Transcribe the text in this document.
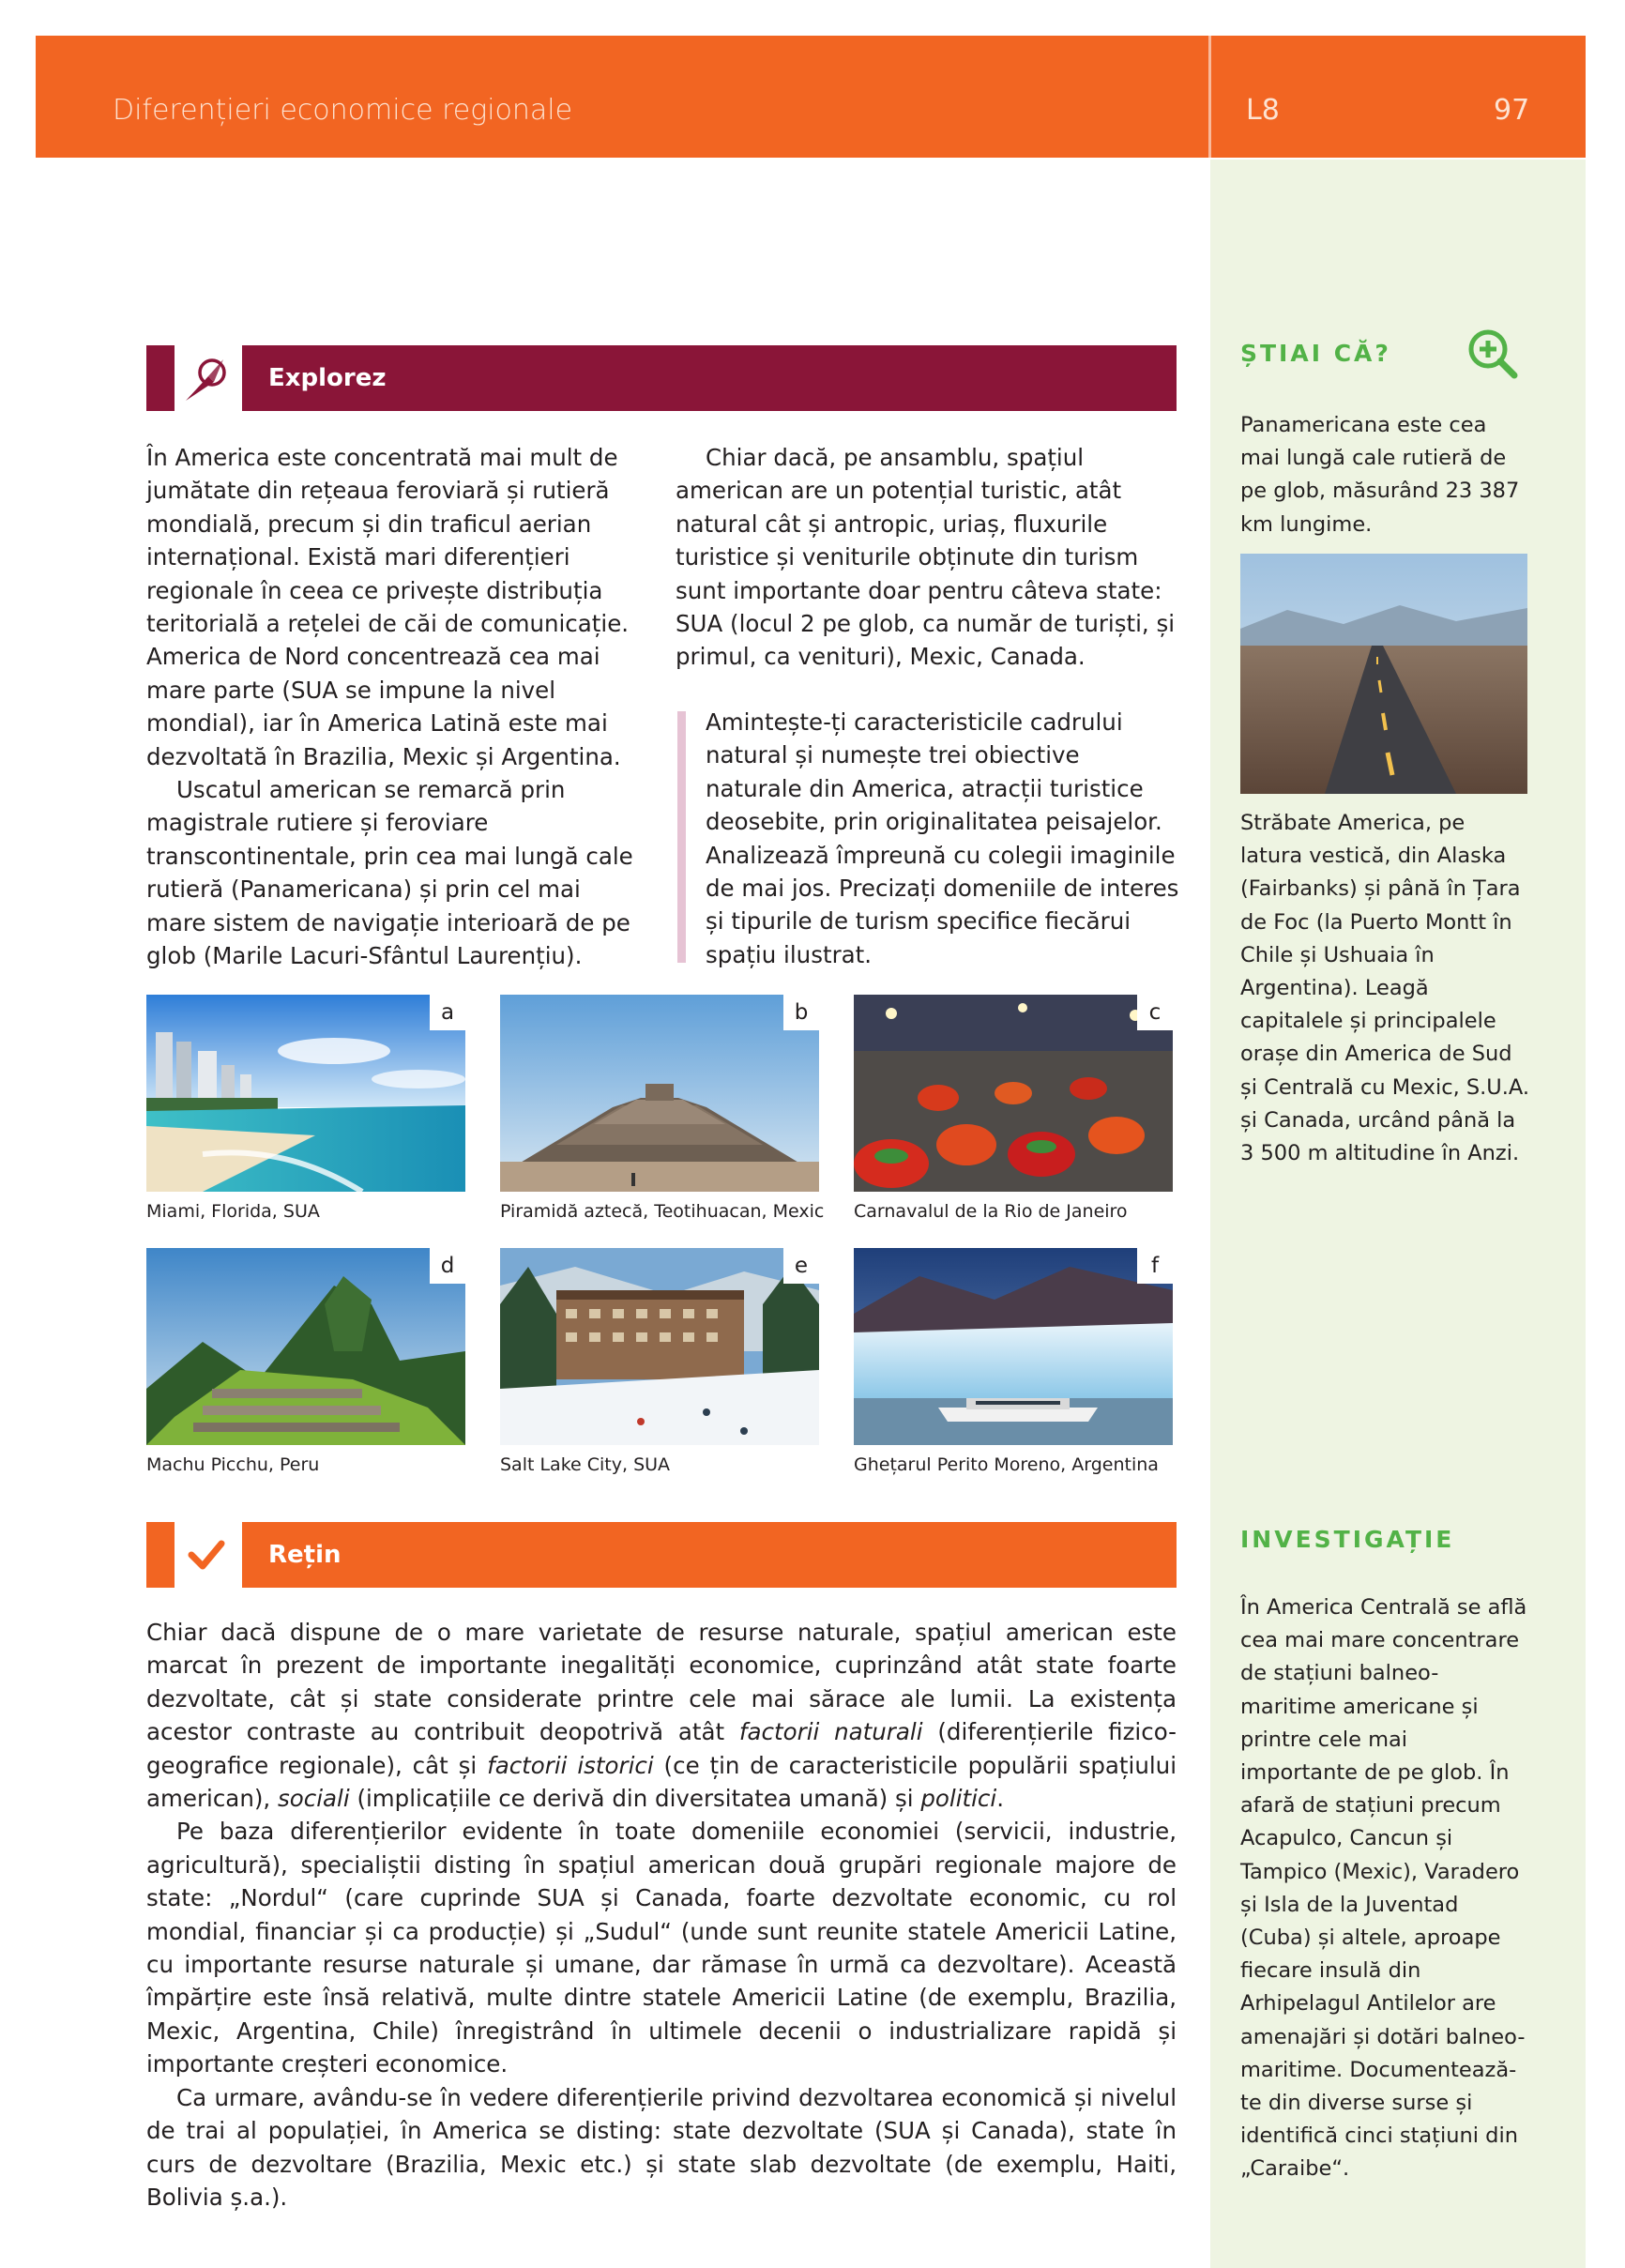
Diferențieri economice regionale	L8	97
Explorez

În America este concentrată mai mult de jumătate din rețeaua feroviară și rutieră mondială, precum și din traficul aerian internațional. Există mari diferențieri regionale în ceea ce privește distribuția teritorială a rețelei de căi de comunicație. America de Nord concentrează cea mai mare parte (SUA se impune la nivel mondial), iar în America Latină este mai dezvoltată în Brazilia, Mexic și Argentina.

Uscatul american se remarcă prin magistrale rutiere și feroviare transcontinentale, prin cea mai lungă cale rutieră (Panamericana) și prin cel mai mare sistem de navigație interioară de pe glob (Marile Lacuri-Sfântul Laurențiu).

Chiar dacă, pe ansamblu, spațiul american are un potențial turistic, atât natural cât și antropic, uriaș, fluxurile turistice și veniturile obținute din turism sunt importante doar pentru câteva state: SUA (locul 2 pe glob, ca număr de turiști, și primul, ca venituri), Mexic, Canada.

Amintește-ți caracteristicile cadrului natural și numește trei obiective naturale din America, atracții turistice deosebite, prin originalitatea peisajelor. Analizează împreună cu colegii imaginile de mai jos. Precizați domeniile de interes și tipurile de turism specifice fiecărui spațiu ilustrat.
a
Miami, Florida, SUA
b
Piramidă aztecă, Teotihuacan, Mexic
c
Carnavalul de la Rio de Janeiro
d
Machu Picchu, Peru
e
Salt Lake City, SUA
f
Ghețarul Perito Moreno, Argentina
Rețin

Chiar dacă dispune de o mare varietate de resurse naturale, spațiul american este marcat în prezent de importante inegalități economice, cuprinzând atât state foarte dezvoltate, cât și state considerate printre cele mai sărace ale lumii. La existența acestor contraste au contribuit deopotrivă atât factorii naturali (diferențierile fizico-geografice regionale), cât și factorii istorici (ce țin de caracteristicile populării spațiului american), sociali (implicațiile ce derivă din diversitatea umană) și politici.

Pe baza diferențierilor evidente în toate domeniile economiei (servicii, industrie, agricultură), specialiștii disting în spațiul american două grupări regionale majore de state: „Nordul“ (care cuprinde SUA și Canada, foarte dezvoltate economic, cu rol mondial, financiar și ca producție) și „Sudul“ (unde sunt reunite statele Americii Latine, cu importante resurse naturale și umane, dar rămase în urmă ca dezvoltare). Această împărțire este însă relativă, multe dintre statele Americii Latine (de exemplu, Brazilia, Mexic, Argentina, Chile) înregistrând în ultimele decenii o industrializare rapidă și importante creșteri economice.

Ca urmare, avându-se în vedere diferențierile privind dezvoltarea economică și nivelul de trai al populației, în America se disting: state dezvoltate (SUA și Canada), state în curs de dezvoltare (Brazilia, Mexic etc.) și state slab dezvoltate (de exemplu, Haiti, Bolivia ș.a.).

ȘTIAI CĂ?
Panamericana este cea mai lungă cale rutieră de pe glob, măsurând 23 387 km lungime.
Străbate America, pe latura vestică, din Alaska (Fairbanks) și până în Țara de Foc (la Puerto Montt în Chile și Ushuaia în Argentina). Leagă capitalele și principalele orașe din America de Sud și Centrală cu Mexic, S.U.A. și Canada, urcând până la 3 500 m altitudine în Anzi.
INVESTIGAȚIE
În America Centrală se află cea mai mare concentrare de stațiuni balneo-maritime americane și printre cele mai importante de pe glob. În afară de stațiuni precum Acapulco, Cancun și Tampico (Mexic), Varadero și Isla de la Juventad (Cuba) și altele, aproape fiecare insulă din Arhipelagul Antilelor are amenajări și dotări balneo-maritime. Documentează-te din diverse surse și identifică cinci stațiuni din „Caraibe“.
